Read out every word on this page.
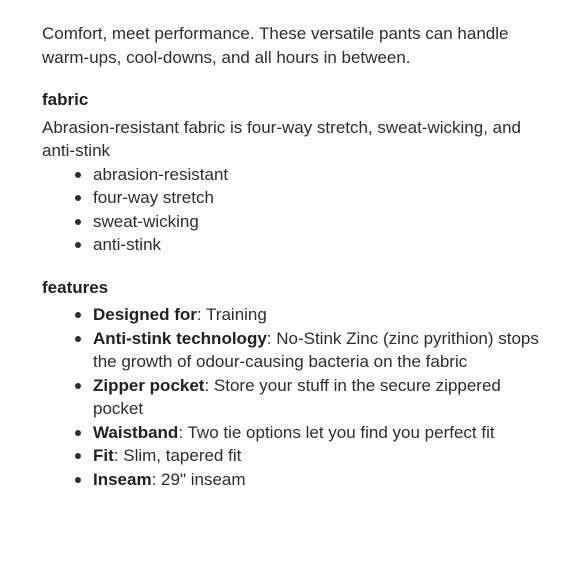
Comfort, meet performance. These versatile pants can handle warm-ups, cool-downs, and all hours in between.

fabric

Abrasion-resistant fabric is four-way stretch, sweat-wicking, and anti-stink

abrasion-resistant
four-way stretch
sweat-wicking
anti-stink
features
Designed for: Training
Anti-stink technology: No-Stink Zinc (zinc pyrithion) stops the growth of odour-causing bacteria on the fabric
Zipper pocket: Store your stuff in the secure zippered pocket
Waistband: Two tie options let you find you perfect fit
Fit: Slim, tapered fit
Inseam: 29" inseam
